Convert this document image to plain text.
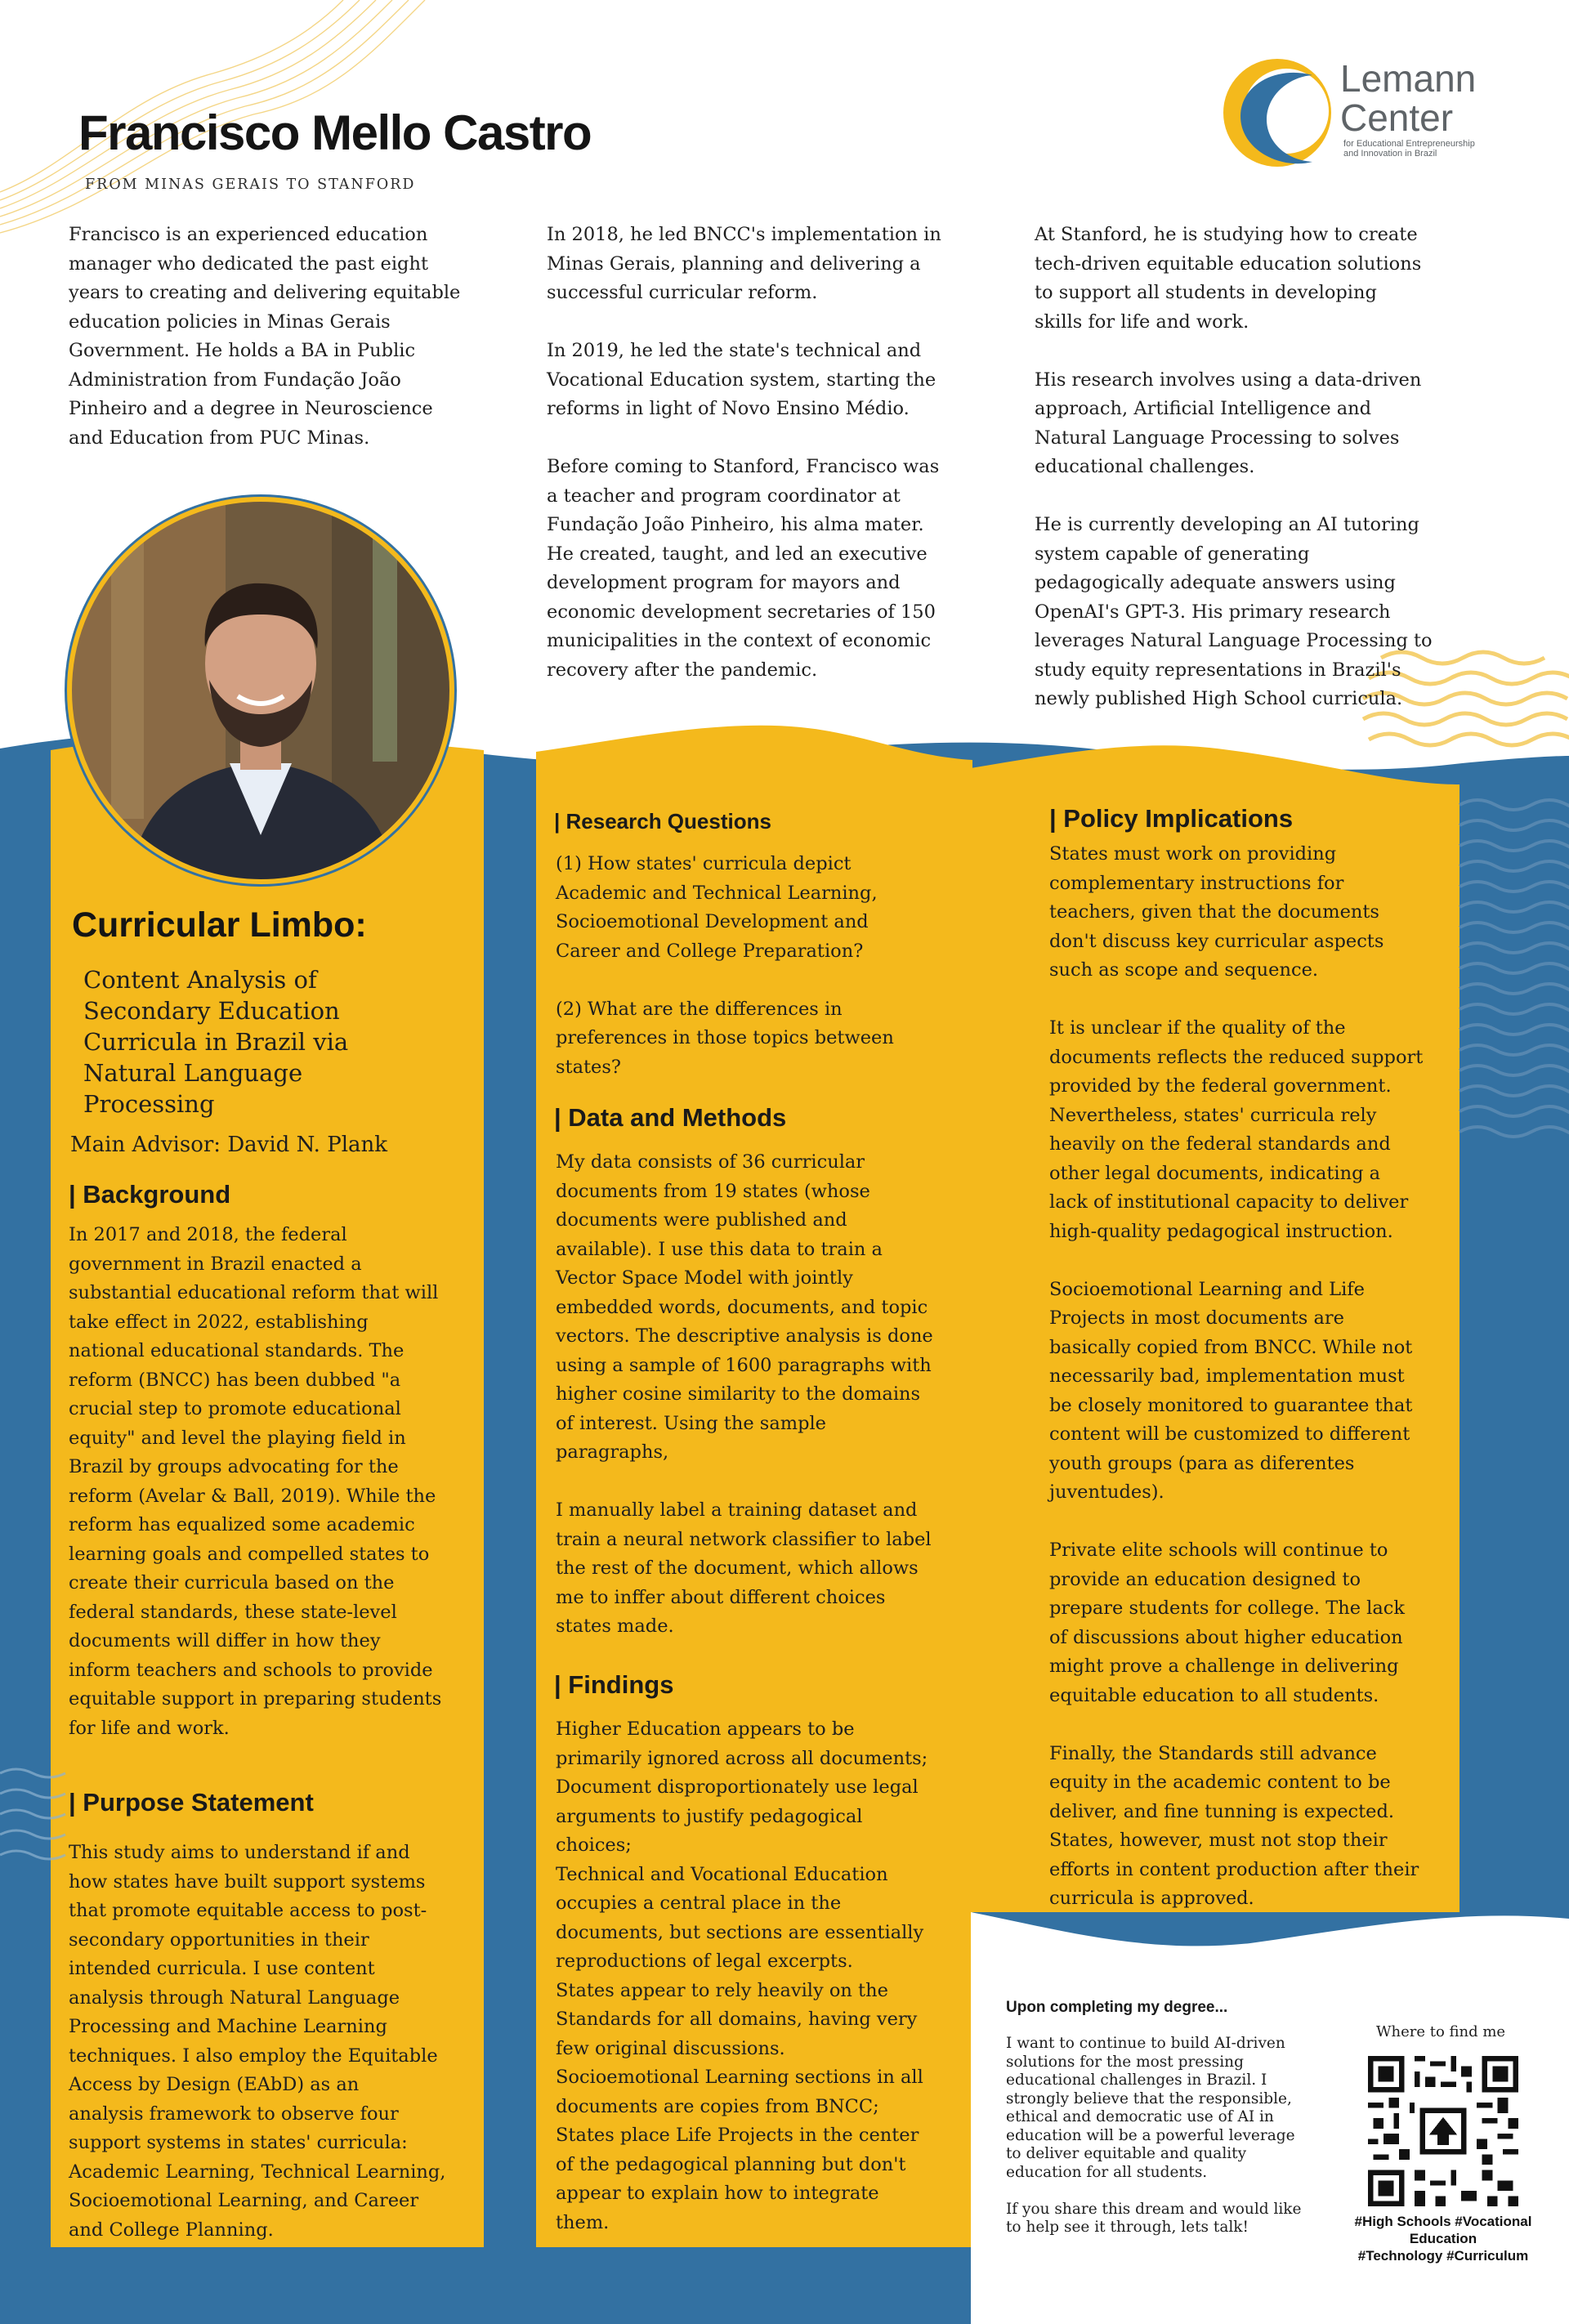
Francisco Mello Castro
FROM MINAS GERAIS TO STANFORD
Lemann
Center
for Educational Entrepreneurship
and Innovation in Brazil
Francisco is an experienced education
manager who dedicated the past eight
years to creating and delivering equitable
education policies in Minas Gerais
Government. He holds a BA in Public
Administration from Fundação João
Pinheiro and a degree in Neuroscience
and Education from PUC Minas.
In 2018, he led BNCC's implementation in
Minas Gerais, planning and delivering a
successful curricular reform.

In 2019, he led the state's technical and
Vocational Education system, starting the
reforms in light of Novo Ensino Médio.

Before coming to Stanford, Francisco was
a teacher and program coordinator at
Fundação João Pinheiro, his alma mater.
He created, taught, and led an executive
development program for mayors and
economic development secretaries of 150
municipalities in the context of economic
recovery after the pandemic.
At Stanford, he is studying how to create
tech-driven equitable education solutions
to support all students in developing
skills for life and work.

His research involves using a data-driven
approach, Artificial Intelligence and
Natural Language Processing to solves
educational challenges.

He is currently developing an AI tutoring
system capable of generating
pedagogically adequate answers using
OpenAI's GPT-3. His primary research
leverages Natural Language Processing to
study equity representations in Brazil's
newly published High School curricula.
Curricular Limbo:
Content Analysis of
Secondary Education
Curricula in Brazil via
Natural Language
Processing
Main Advisor: David N. Plank
| Background
In 2017 and 2018, the federal
government in Brazil enacted a
substantial educational reform that will
take effect in 2022, establishing
national educational standards. The
reform (BNCC) has been dubbed "a
crucial step to promote educational
equity" and level the playing field in
Brazil by groups advocating for the
reform (Avelar & Ball, 2019). While the
reform has equalized some academic
learning goals and compelled states to
create their curricula based on the
federal standards, these state-level
documents will differ in how they
inform teachers and schools to provide
equitable support in preparing students
for life and work.
| Purpose Statement
This study aims to understand if and
how states have built support systems
that promote equitable access to post-
secondary opportunities in their
intended curricula. I use content
analysis through Natural Language
Processing and Machine Learning
techniques. I also employ the Equitable
Access by Design (EAbD) as an
analysis framework to observe four
support systems in states' curricula:
Academic Learning, Technical Learning,
Socioemotional Learning, and Career
and College Planning.
| Research Questions
(1) How states' curricula depict
Academic and Technical Learning,
Socioemotional Development and
Career and College Preparation?

(2) What are the differences in
preferences in those topics between
states?
| Data and Methods
My data consists of 36 curricular
documents from 19 states (whose
documents were published and
available). I use this data to train a
Vector Space Model with jointly
embedded words, documents, and topic
vectors. The descriptive analysis is done
using a sample of 1600 paragraphs with
higher cosine similarity to the domains
of interest. Using the sample
paragraphs,

I manually label a training dataset and
train a neural network classifier to label
the rest of the document, which allows
me to inffer about different choices
states made.
| Findings
Higher Education appears to be
primarily ignored across all documents;
Document disproportionately use legal
arguments to justify pedagogical
choices;
Technical and Vocational Education
occupies a central place in the
documents, but sections are essentially
reproductions of legal excerpts.
States appear to rely heavily on the
Standards for all domains, having very
few original discussions.
Socioemotional Learning sections in all
documents are copies from BNCC;
States place Life Projects in the center
of the pedagogical planning but don't
appear to explain how to integrate
them.
| Policy Implications
States must work on providing
complementary instructions for
teachers, given that the documents
don't discuss key curricular aspects
such as scope and sequence.

It is unclear if the quality of the
documents reflects the reduced support
provided by the federal government.
Nevertheless, states' curricula rely
heavily on the federal standards and
other legal documents, indicating a
lack of institutional capacity to deliver
high-quality pedagogical instruction.

Socioemotional Learning and Life
Projects in most documents are
basically copied from BNCC. While not
necessarily bad, implementation must
be closely monitored to guarantee that
content will be customized to different
youth groups (para as diferentes
juventudes).

Private elite schools will continue to
provide an education designed to
prepare students for college. The lack
of discussions about higher education
might prove a challenge in delivering
equitable education to all students.

Finally, the Standards still advance
equity in the academic content to be
deliver, and fine tunning is expected.
States, however, must not stop their
efforts in content production after their
curricula is approved.
Upon completing my degree...
I want to continue to build AI-driven
solutions for the most pressing
educational challenges in Brazil. I
strongly believe that the responsible,
ethical and democratic use of AI in
education will be a powerful leverage
to deliver equitable and quality
education for all students.

If you share this dream and would like
to help see it through, lets talk!
Where to find me
#High Schools #Vocational
Education
#Technology #Curriculum
